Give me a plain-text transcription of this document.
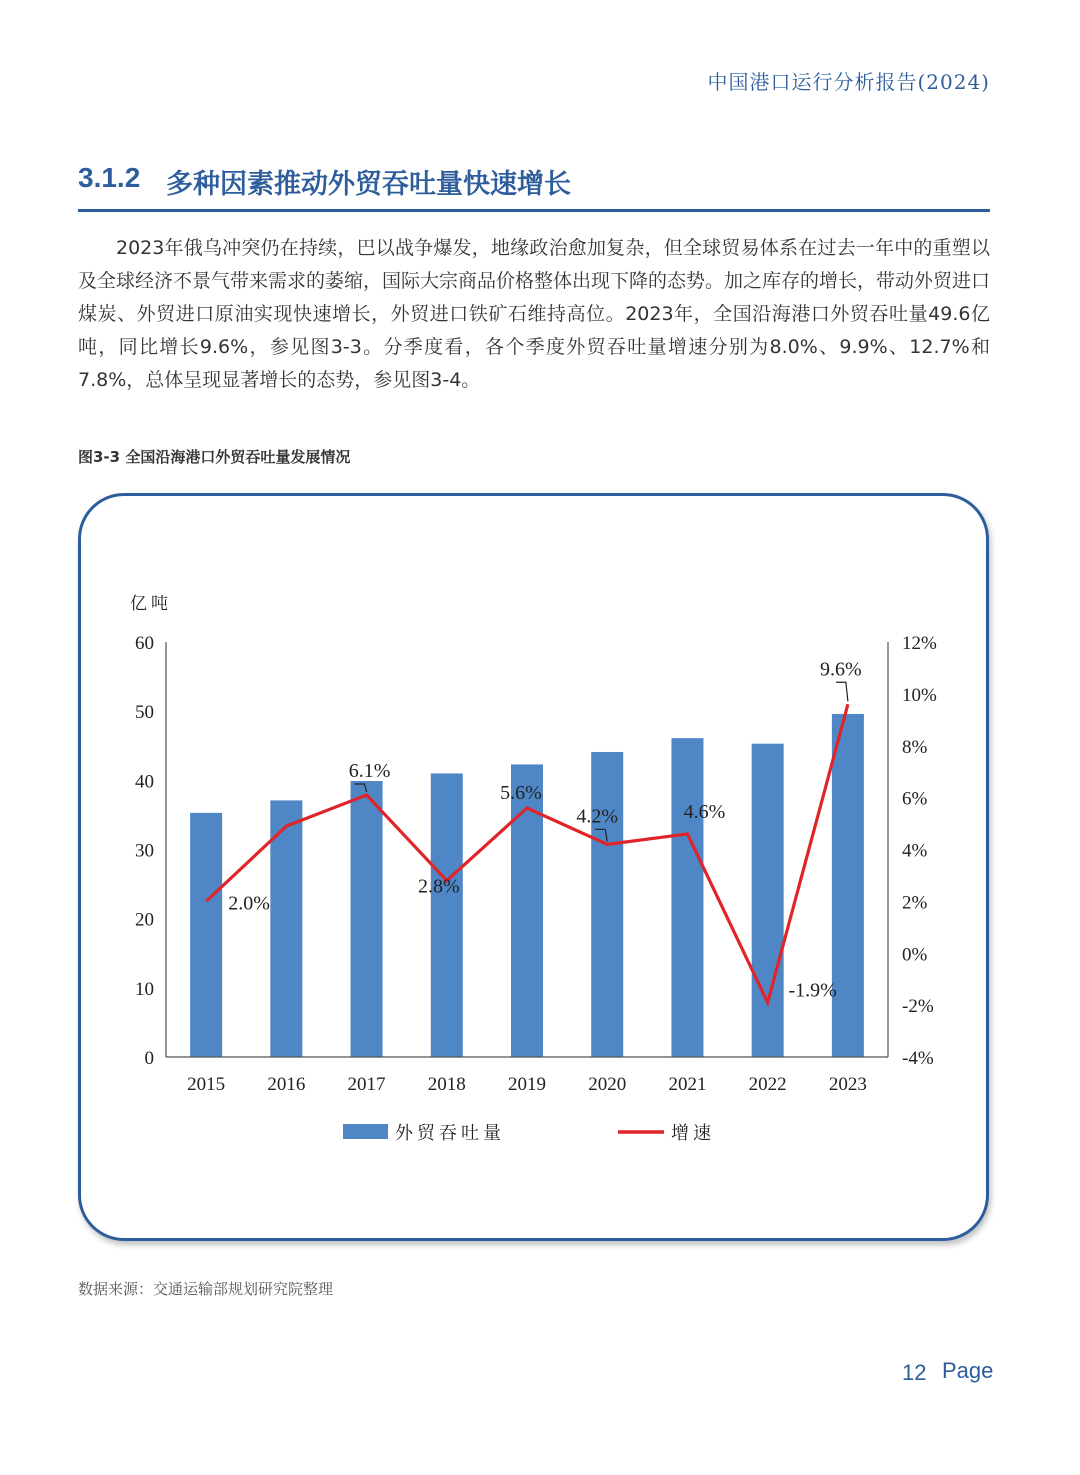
中国港口运行分析报告(2024)
3.1.2 多种因素推动外贸吞吐量快速增长

2023年俄乌冲突仍在持续，巴以战争爆发，地缘政治愈加复杂，但全球贸易体系在过去一年中的重塑以及全球经济不景气带来需求的萎缩，国际大宗商品价格整体出现下降的态势。加之库存的增长，带动外贸进口煤炭、外贸进口原油实现快速增长，外贸进口铁矿石维持高位。2023年，全国沿海港口外贸吞吐量49.6亿吨，同比增长9.6%，参见图3-3。分季度看，各个季度外贸吞吐量增速分别为8.0%、9.9%、12.7%和7.8%，总体呈现显著增长的态势，参见图3-4。

图3-3 全国沿海港口外贸吞吐量发展情况
0
10
20
30
40
50
60
-4%
-2%
0%
2%
4%
6%
8%
10%
12%
亿吨
2015 2016 2017 2018 2019 2020 2021 2022 2023
2.0%
6.1%
2.8%
5.6%
4.2%	4.6%
-1.9%
9.6%
外贸吞吐量	增速
数据来源：交通运输部规划研究院整理
12 Page
